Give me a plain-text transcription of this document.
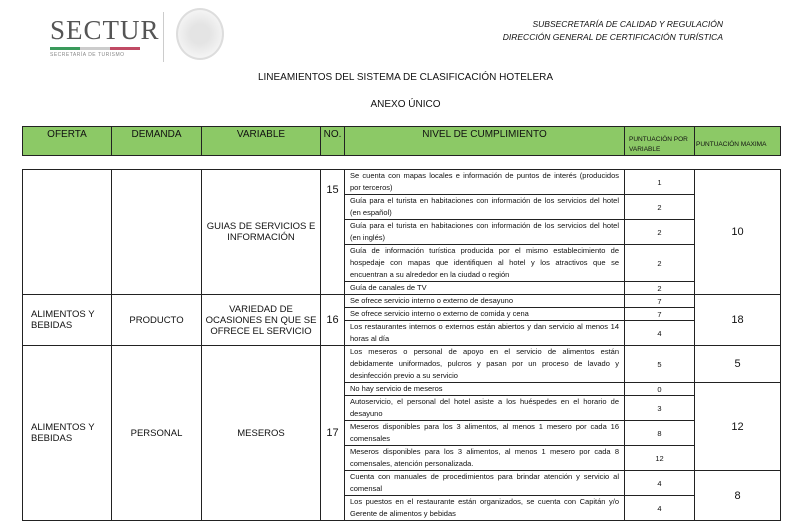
SECTUR
SECRETARÍA DE TURISMO
SUBSECRETARÍA DE CALIDAD Y REGULACIÓN
DIRECCIÓN GENERAL DE CERTIFICACIÓN TURÍSTICA
LINEAMIENTOS DEL SISTEMA DE CLASIFICACIÓN HOTELERA
ANEXO ÚNICO
OFERTA	DEMANDA	VARIABLE	NO.	NIVEL DE CUMPLIMIENTO	PUNTUACIÓN POR VARIABLE	PUNTUACIÓN MAXIMA
		GUIAS DE SERVICIOS E INFORMACIÓN	15	Se cuenta con mapas locales e información de puntos de interés (producidos por terceros)	1	10
				Guía para el turista en habitaciones con información de los servicios del hotel (en español)	2	
				Guía para el turista en habitaciones con información de los servicios del hotel (en inglés)	2	
				Guía de información turística producida por el mismo establecimiento de hospedaje con mapas que identifiquen al hotel y los atractivos que se encuentran a su alrededor en la ciudad o región	2	
				Guía de canales de TV	2	
ALIMENTOS Y BEBIDAS	PRODUCTO	VARIEDAD DE OCASIONES EN QUE SE OFRECE EL SERVICIO	16	Se ofrece servicio interno o externo de desayuno	7	18
				Se ofrece servicio interno o externo de comida y cena	7	
				Los restaurantes internos o externos están abiertos y dan servicio al menos 14 horas al día	4	
ALIMENTOS Y BEBIDAS	PERSONAL	MESEROS	17	Los meseros o personal de apoyo en el servicio de alimentos están debidamente uniformados, pulcros y pasan por un proceso de lavado y desinfección previo a su servicio	5	5
				No hay servicio de meseros	0	12
				Autoservicio, el personal del hotel asiste a los huéspedes en el horario de desayuno	3	
				Meseros disponibles para los 3 alimentos, al menos 1 mesero por cada 16 comensales	8	
				Meseros disponibles para los 3 alimentos, al menos 1 mesero por cada 8 comensales, atención personalizada.	12	
				Cuenta con manuales de procedimientos para brindar atención y servicio al comensal	4	8
				Los puestos en el restaurante están organizados, se cuenta con Capitán y/o Gerente de alimentos y bebidas	4	
